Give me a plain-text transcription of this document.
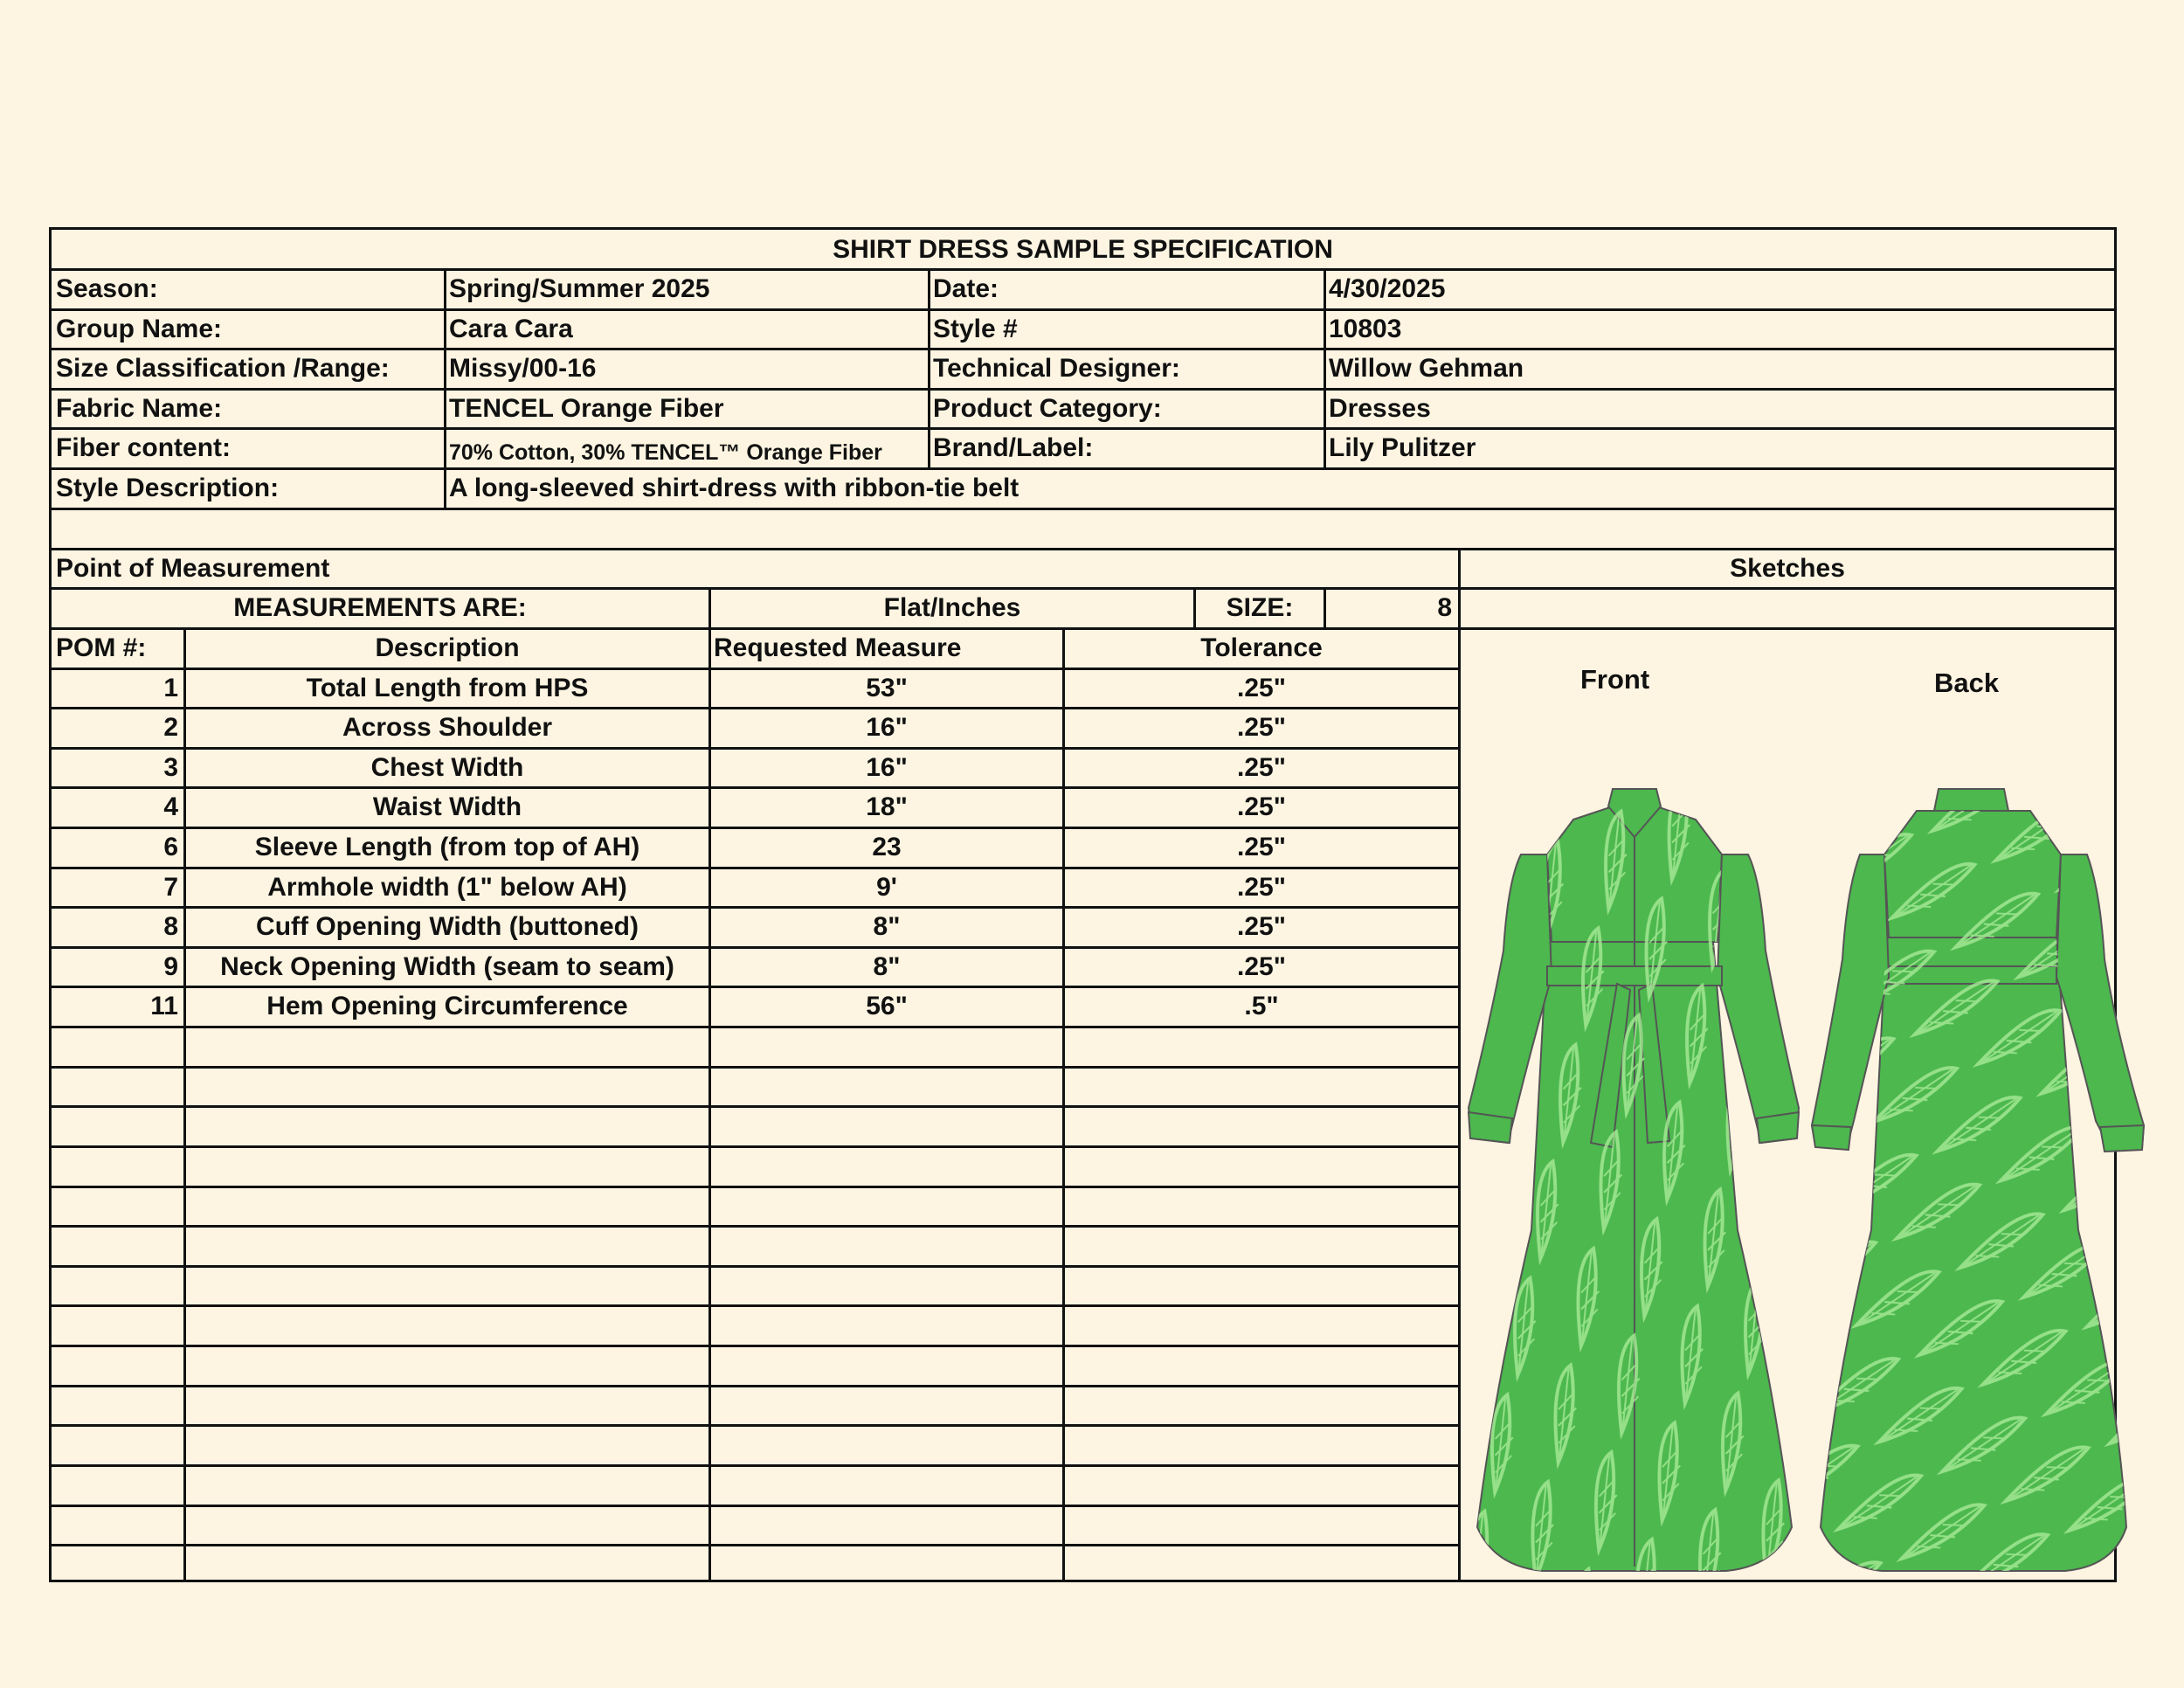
SHIRT DRESS SAMPLE SPECIFICATION
Season:	Spring/Summer 2025	Date:	4/30/2025
Group Name:	Cara Cara	Style #	10803
Size Classification /Range: Missy/00-16	Technical Designer:	Willow Gehman
Fabric Name:	TENCEL Orange Fiber	Product Category:	Dresses
Fiber content:	70% Cotton, 30% TENCEL™ Orange Fiber Brand/Label:	Lily Pulitzer
Style Description:	A long-sleeved shirt-dress with ribbon-tie belt
Point of Measurement	Sketches
MEASUREMENTS ARE:	Flat/Inches	SIZE:	8
POM #:	Description	Requested Measure	Tolerance
1	Total Length from HPS	53"	.25"
2	Across Shoulder	16"	.25"
3	Chest Width	16"	.25"
4	Waist Width	18"	.25"
6	Sleeve Length (from top of AH)	23	.25"
7	Armhole width (1" below AH)	9'	.25"
8	Cuff Opening Width (buttoned)	8"	.25"
9	Neck Opening Width (seam to seam)	8"	.25"
11	Hem Opening Circumference	56"	.5"
Front	Back
